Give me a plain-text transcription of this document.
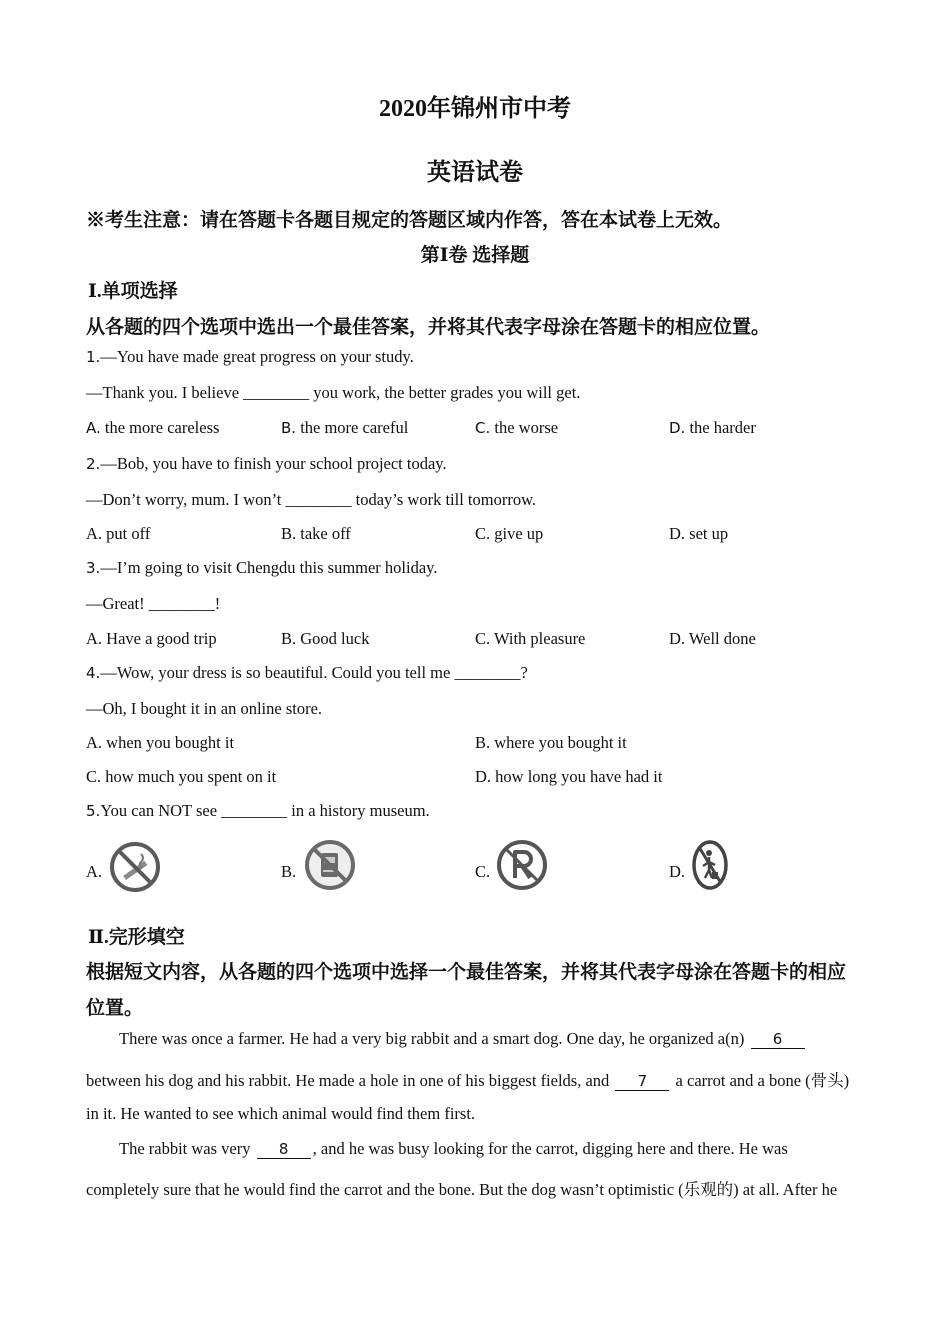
2020年锦州市中考
英语试卷
※考生注意：请在答题卡各题目规定的答题区域内作答，答在本试卷上无效。
第Ⅰ卷 选择题
Ⅰ.单项选择
从各题的四个选项中选出一个最佳答案，并将其代表字母涂在答题卡的相应位置。
1.—You have made great progress on your study.
—Thank you. I believe ________ you work, the better grades you will get.
A. the more careless	B. the more careful	C. the worse	D. the harder
2.—Bob, you have to finish your school project today.
—Don’t worry, mum. I won’t ________ today’s work till tomorrow.
A. put off	B. take off	C. give up	D. set up
3.—I’m going to visit Chengdu this summer holiday.
—Great! ________!
A. Have a good trip	B. Good luck	C. With pleasure	D. Well done
4.—Wow, your dress is so beautiful. Could you tell me ________?
—Oh, I bought it in an online store.
A. when you bought it	B. where you bought it
C. how much you spent on it	D. how long you have had it
5.You can NOT see ________ in a history museum.
A.	B.	C.	D.
Ⅱ.完形填空
根据短文内容，从各题的四个选项中选择一个最佳答案，并将其代表字母涂在答题卡的相应
位置。
There was once a farmer. He had a very big rabbit and a smart dog. One day, he organized a(n) 6
between his dog and his rabbit. He made a hole in one of his biggest fields, and 7 a carrot and a bone (骨头)
in it. He wanted to see which animal would find them first.
The rabbit was very 8 , and he was busy looking for the carrot, digging here and there. He was
completely sure that he would find the carrot and the bone. But the dog wasn’t optimistic (乐观的) at all. After he
